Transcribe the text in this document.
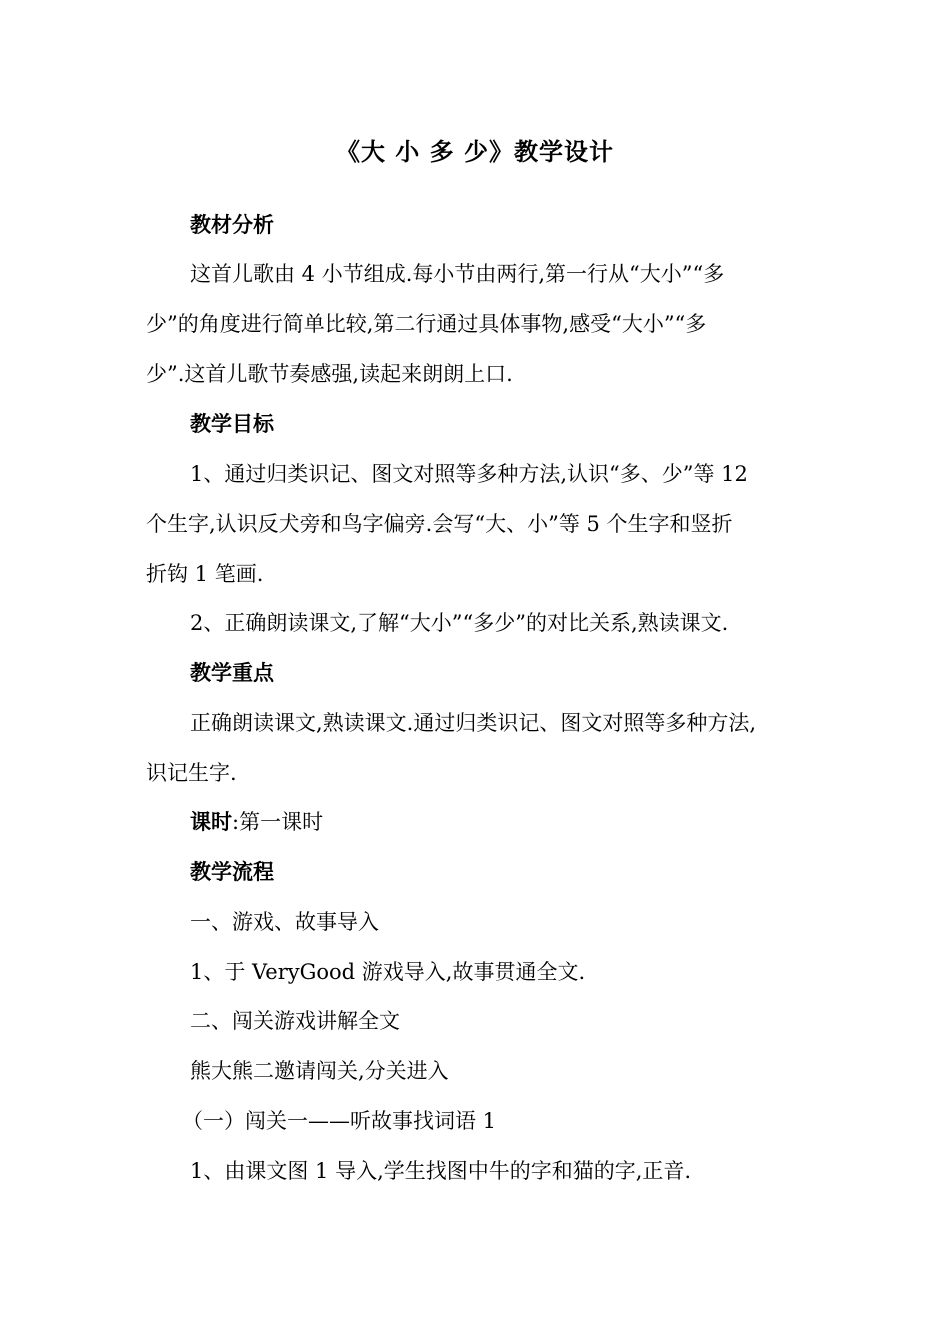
《大 小 多 少》教学设计
教材分析
这首儿歌由 4 小节组成.每小节由两行,第一行从“大小”“多
少”的角度进行简单比较,第二行通过具体事物,感受“大小”“多
少”.这首儿歌节奏感强,读起来朗朗上口.
教学目标
1、通过归类识记、图文对照等多种方法,认识“多、少”等 12
个生字,认识反犬旁和鸟字偏旁.会写“大、小”等 5 个生字和竖折
折钩 1 笔画.
2、正确朗读课文,了解“大小”“多少”的对比关系,熟读课文.
教学重点
正确朗读课文,熟读课文.通过归类识记、图文对照等多种方法,
识记生字.
课时:第一课时
教学流程
一、游戏、故事导入
1、于 VeryGood 游戏导入,故事贯通全文.
二、闯关游戏讲解全文
熊大熊二邀请闯关,分关进入
（一）闯关一——听故事找词语 1
1、由课文图 1 导入,学生找图中牛的字和猫的字,正音.
